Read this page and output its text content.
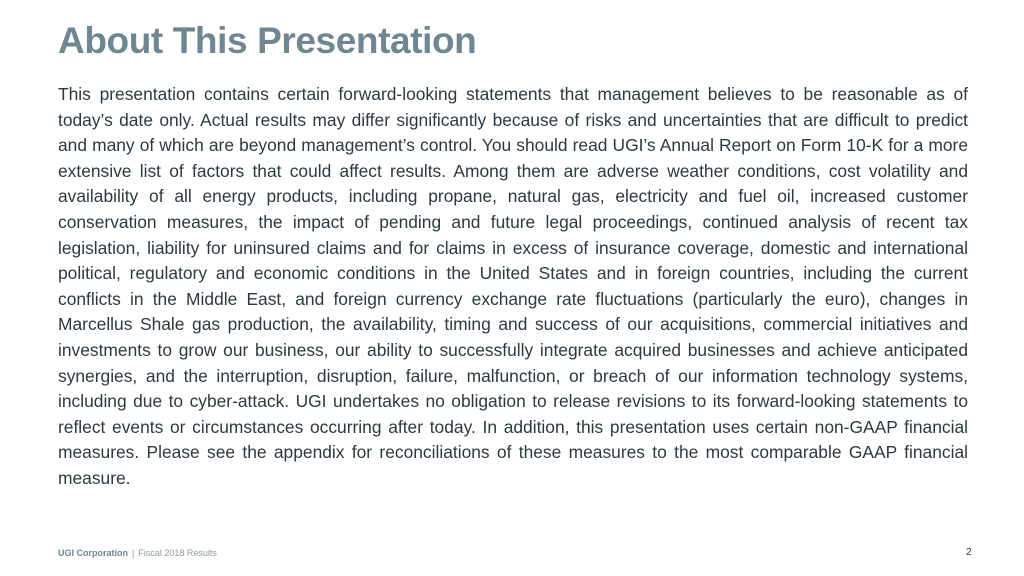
About This Presentation

This presentation contains certain forward-looking statements that management believes to be reasonable as of today’s date only. Actual results may differ significantly because of risks and uncertainties that are difficult to predict and many of which are beyond management’s control. You should read UGI’s Annual Report on Form 10-K for a more extensive list of factors that could affect results. Among them are adverse weather conditions, cost volatility and availability of all energy products, including propane, natural gas, electricity and fuel oil, increased customer conservation measures, the impact of pending and future legal proceedings, continued analysis of recent tax legislation, liability for uninsured claims and for claims in excess of insurance coverage, domestic and international political, regulatory and economic conditions in the United States and in foreign countries, including the current conflicts in the Middle East, and foreign currency exchange rate fluctuations (particularly the euro), changes in Marcellus Shale gas production, the availability, timing and success of our acquisitions, commercial initiatives and investments to grow our business, our ability to successfully integrate acquired businesses and achieve anticipated synergies, and the interruption, disruption, failure, malfunction, or breach of our information technology systems, including due to cyber-attack. UGI undertakes no obligation to release revisions to its forward-looking statements to reflect events or circumstances occurring after today. In addition, this presentation uses certain non-GAAP financial measures. Please see the appendix for reconciliations of these measures to the most comparable GAAP financial measure.

UGI Corporation | Fiscal 2018 Results	2
